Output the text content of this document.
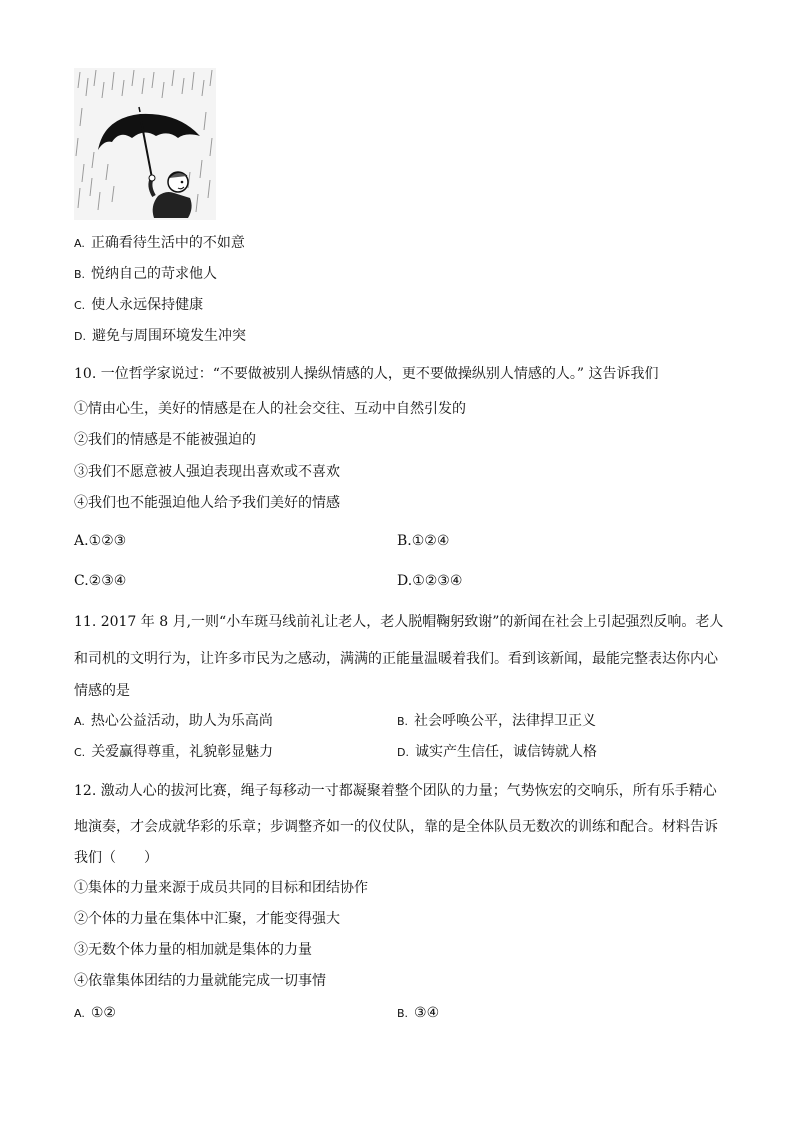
A. 正确看待生活中的不如意
B. 悦纳自己的苛求他人
C. 使人永远保持健康
D. 避免与周围环境发生冲突
10. 一位哲学家说过：“不要做被别人操纵情感的人，更不要做操纵别人情感的人。” 这告诉我们
①情由心生，美好的情感是在人的社会交往、互动中自然引发的
②我们的情感是不能被强迫的
③我们不愿意被人强迫表现出喜欢或不喜欢
④我们也不能强迫他人给予我们美好的情感
A.①②③	B.①②④
C.②③④	D.①②③④
11. 2017 年 8 月,一则“小车斑马线前礼让老人，老人脱帽鞠躬致谢”的新闻在社会上引起强烈反响。老人
和司机的文明行为，让许多市民为之感动，满满的正能量温暖着我们。看到该新闻，最能完整表达你内心
情感的是
A. 热心公益活动，助人为乐高尚	B. 社会呼唤公平，法律捍卫正义
C. 关爱赢得尊重，礼貌彰显魅力	D. 诚实产生信任，诚信铸就人格
12. 激动人心的拔河比赛，绳子每移动一寸都凝聚着整个团队的力量；气势恢宏的交响乐，所有乐手精心
地演奏，才会成就华彩的乐章；步调整齐如一的仪仗队，靠的是全体队员无数次的训练和配合。材料告诉
我们（　　）
①集体的力量来源于成员共同的目标和团结协作
②个体的力量在集体中汇聚，才能变得强大
③无数个体力量的相加就是集体的力量
④依靠集体团结的力量就能完成一切事情
A. ①②	B. ③④
